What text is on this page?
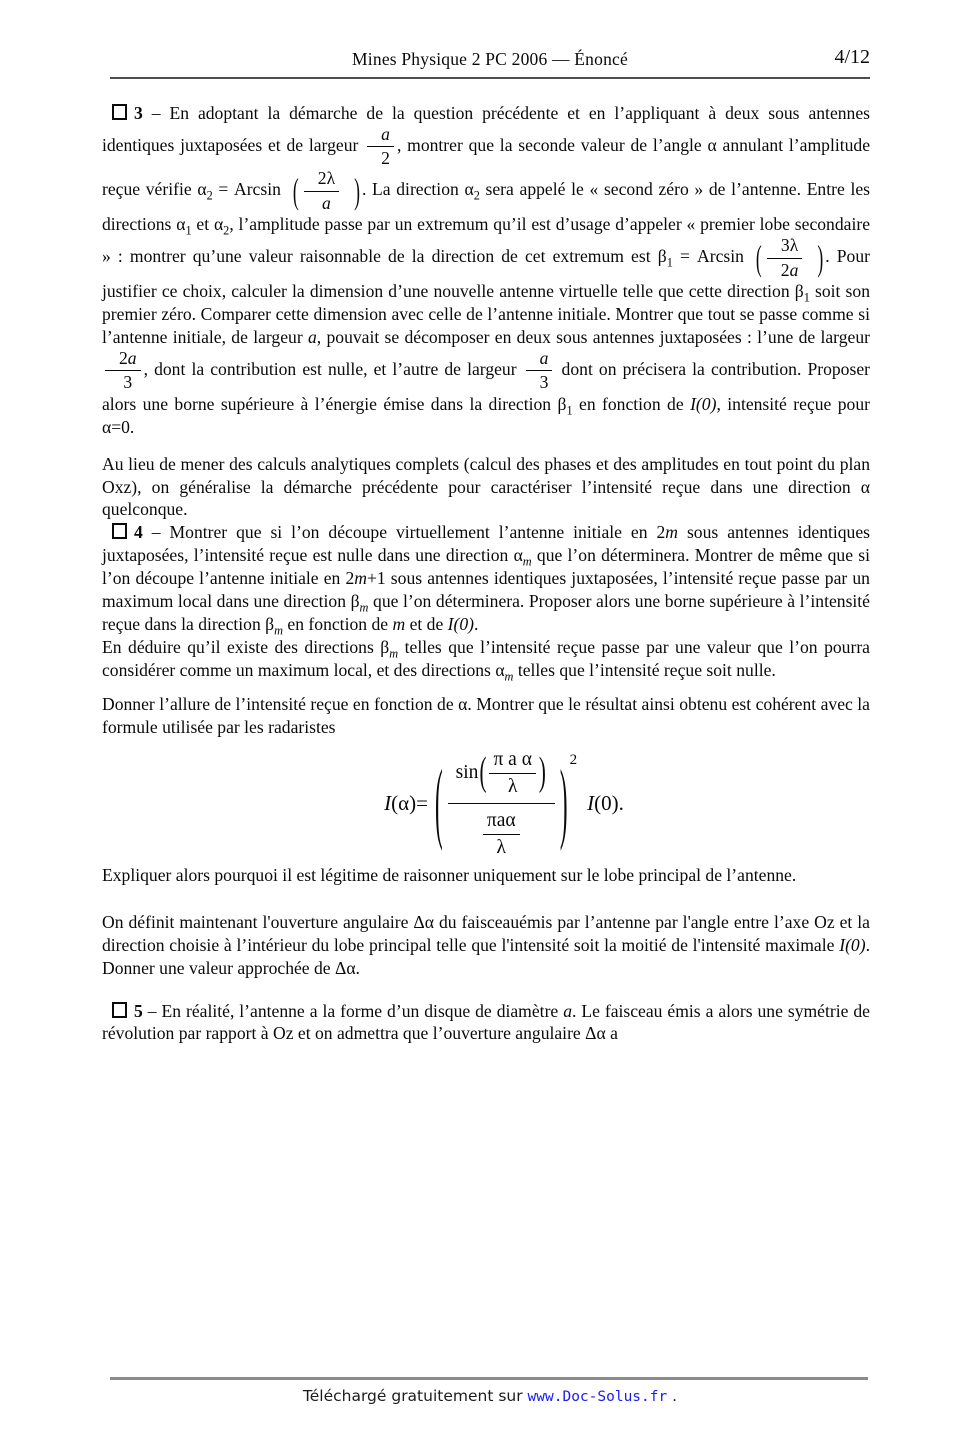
Mines Physique 2 PC 2006 — Énoncé	4/12

3 – En adoptant la démarche de la question précédente et en l’appliquant à deux sous antennes identiques juxtaposées et de largeur $\frac{a}{2}$ , montrer que la seconde valeur de l’angle α annulant l’amplitude reçue vérifie $\alpha_2 = Arcsin$ ( $\frac{2\lambda}{a}$ ) . La direction $\alpha_2$ sera appelé le « second zéro » de l’antenne. Entre les directions $\alpha_1$ et $\alpha_2$, l’amplitude passe par un extremum qu’il est d’usage d’appeler « premier lobe secondaire » : montrer qu’une valeur raisonnable de la direction de cet extremum est $\beta_1 = Arcsin$ ( $\frac{3\lambda}{2a}$ ) . Pour justifier ce choix, calculer la dimension d’une nouvelle antenne virtuelle telle que cette direction $\beta_1$ soit son premier zéro. Comparer cette dimension avec celle de l’antenne initiale. Montrer que tout se passe comme si l’antenne initiale, de largeur a, pouvait se décomposer en deux sous antennes juxtaposées : l’une de largeur
$\frac{2a}{3}$ , dont la contribution est nulle, et l’autre de largeur $\frac{a}{3}$ dont on précisera la contribution. Proposer alors une borne supérieure à l’énergie émise dans la direction $\beta_1$ en fonction de I(0), intensité reçue pour α=0.

Au lieu de mener des calculs analytiques complets (calcul des phases et des amplitudes en tout point du plan Oxz), on généralise la démarche précédente pour caractériser l’intensité reçue dans une direction α quelconque.

4 – Montrer que si l’on découpe virtuellement l’antenne initiale en 2m sous antennes identiques juxtaposées, l’intensité reçue est nulle dans une direction $\alpha_m$ que l’on déterminera. Montrer de même que si l’on découpe l’antenne initiale en 2m+1 sous antennes identiques juxtaposées, l’intensité reçue passe par un maximum local dans une direction $\beta_m$ que l’on déterminera. Proposer alors une borne supérieure à l’intensité reçue dans la direction $\beta_m$ en fonction de m et de I(0).

En déduire qu’il existe des directions $\beta_m$ telles que l’intensité reçue passe par une valeur que l’on pourra considérer comme un maximum local, et des directions $\alpha_m$ telles que l’intensité reçue soit nulle.

Donner l’allure de l’intensité reçue en fonction de α. Montrer que le résultat ainsi obtenu est cohérent avec la formule utilisée par les radaristes

I(α)= ( $\frac{\sin ( \frac{\text{π a α}}{\lambda} )}{\frac{\text{πaα}}{\lambda}}$ ) 2
I(0).

Expliquer alors pourquoi il est légitime de raisonner uniquement sur le lobe principal de l’antenne.

On définit maintenant l'ouverture angulaire Δα du faisceauémis par l’antenne par l'angle entre l’axe Oz et la direction choisie à l’intérieur du lobe principal telle que l'intensité soit la moitié de l'intensité maximale I(0). Donner une valeur approchée de Δα.

5 – En réalité, l’antenne a la forme d’un disque de diamètre a. Le faisceau émis a alors une symétrie de révolution par rapport à Oz et on admettra que l’ouverture angulaire Δα a

Téléchargé gratuitement sur www.Doc-Solus.fr .
